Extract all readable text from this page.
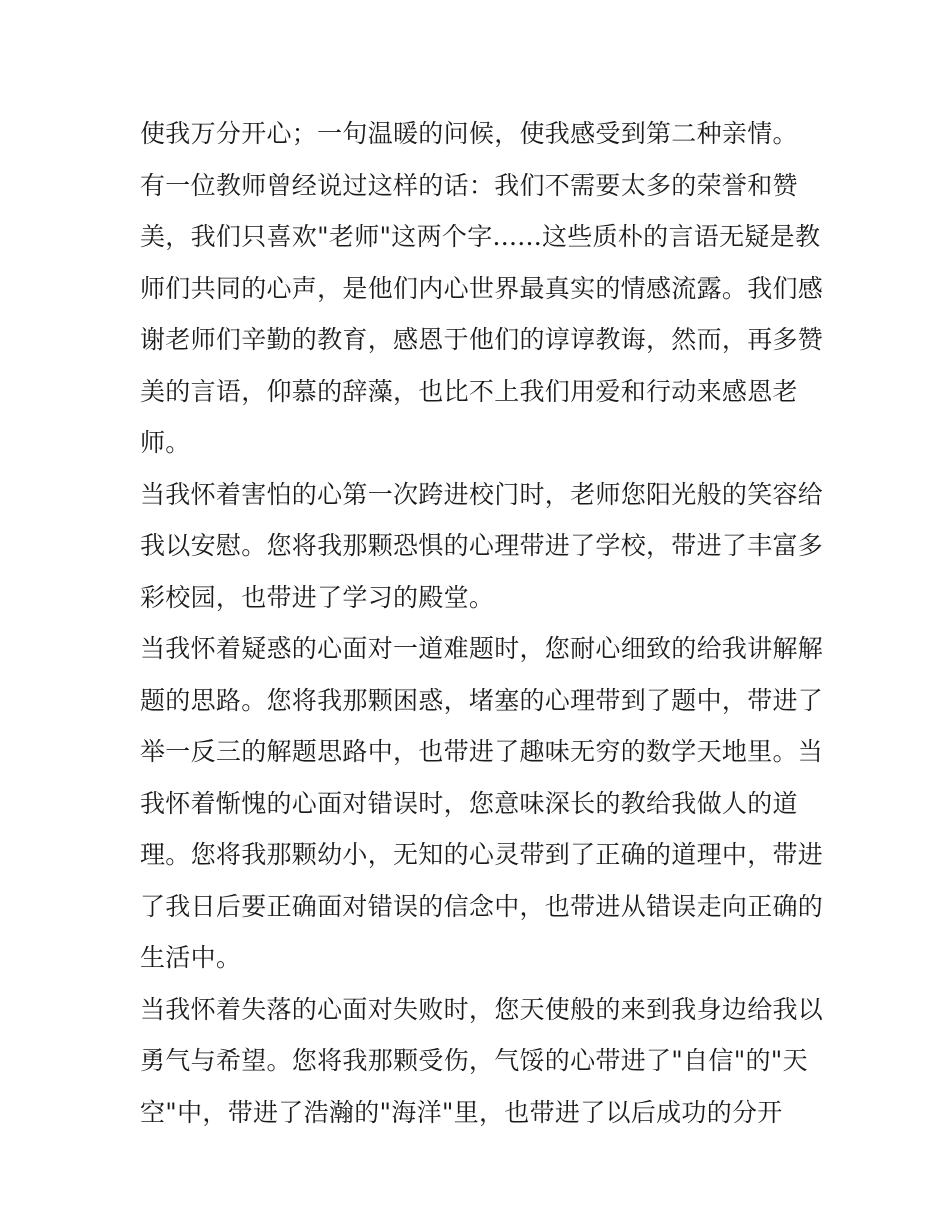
使我万分开心；一句温暖的问候，使我感受到第二种亲情。
有一位教师曾经说过这样的话：我们不需要太多的荣誉和赞
美，我们只喜欢"老师"这两个字......这些质朴的言语无疑是教
师们共同的心声，是他们内心世界最真实的情感流露。我们感
谢老师们辛勤的教育，感恩于他们的谆谆教诲，然而，再多赞
美的言语，仰慕的辞藻，也比不上我们用爱和行动来感恩老
师。
当我怀着害怕的心第一次跨进校门时，老师您阳光般的笑容给
我以安慰。您将我那颗恐惧的心理带进了学校，带进了丰富多
彩校园，也带进了学习的殿堂。
当我怀着疑惑的心面对一道难题时，您耐心细致的给我讲解解
题的思路。您将我那颗困惑，堵塞的心理带到了题中，带进了
举一反三的解题思路中，也带进了趣味无穷的数学天地里。当
我怀着惭愧的心面对错误时，您意味深长的教给我做人的道
理。您将我那颗幼小，无知的心灵带到了正确的道理中，带进
了我日后要正确面对错误的信念中，也带进从错误走向正确的
生活中。
当我怀着失落的心面对失败时，您天使般的来到我身边给我以
勇气与希望。您将我那颗受伤，气馁的心带进了"自信"的"天
空"中，带进了浩瀚的"海洋"里，也带进了以后成功的分开
